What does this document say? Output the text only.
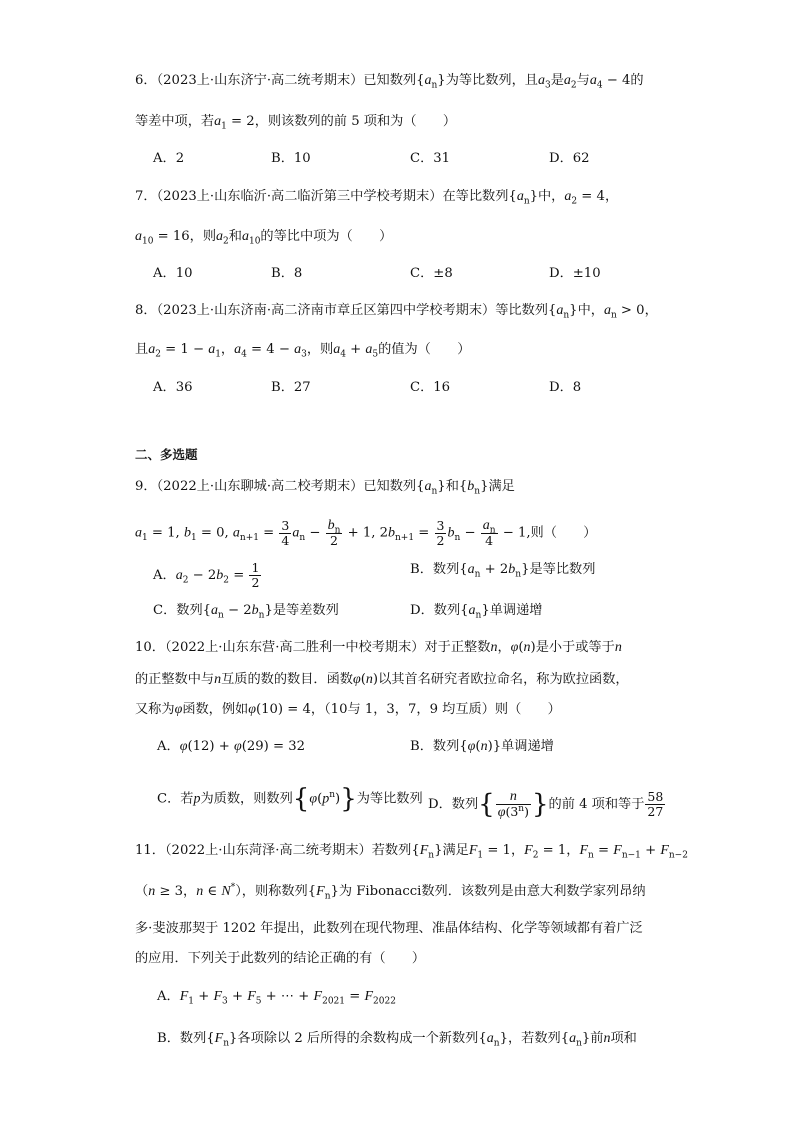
6．（2023上·山东济宁·高二统考期末）已知数列$\{a_n\}$为等比数列，且$a_3$是$a_2$与$a_4 - 4$的
等差中项，若$a_1 = 2$，则该数列的前 5 项和为（　　）
A．2	B．10	C．31	D．62
7．（2023上·山东临沂·高二临沂第三中学校考期末）在等比数列$\{a_n\}$中，$a_2 = 4$，
$a_{10} = 16$，则$a_2$和$a_{10}$的等比中项为（　　）
A．10	B．8	C．±8	D．±10
8．（2023上·山东济南·高二济南市章丘区第四中学校考期末）等比数列$\{a_n\}$中，$a_n > 0$，
且$a_2 = 1 - a_1$，$a_4 = 4 - a_3$，则$a_4 + a_5$的值为（　　）
A．36	B．27	C．16	D．8
二、多选题
9．（2022上·山东聊城·高二校考期末）已知数列$\{a_n\}$和$\{b_n\}$满足
$a_1 = 1$, $b_1 = 0$, $a_{n+1} = \frac{3}{4} a_n - \frac{b_n}{2} + 1$, $2b_{n+1} = \frac{3}{2} b_n - \frac{a_n}{4} - 1$,则（　　）
A．$a_2 - 2b_2 = \frac{1}{2}$	B．数列$\{a_n + 2b_n\}$是等比数列
C．数列$\{a_n - 2b_n\}$是等差数列	D．数列$\{a_n\}$单调递增
10．（2022上·山东东营·高二胜利一中校考期末）对于正整数n，φ(n)是小于或等于n
的正整数中与n互质的数的数目．函数φ(n)以其首名研究者欧拉命名，称为欧拉函数，
又称为φ函数，例如φ(10) = 4，（10与 1，3，7，9 均互质）则（　　）
A．φ(12) + φ(29) = 32	B．数列{φ(n)}单调递增
C．若p为质数，则数列$\{\varphi(p^n)\}$为等比数列 D．数列{ $\frac{n}{\varphi(3^n)}$ }的前 4 项和等于 $\frac{58}{27}$
11．（2022上·山东菏泽·高二统考期末）若数列$\{F_n\}$满足$F_1 = 1$，$F_2 = 1$，$F_n = F_{n-1} + F_{n-2}$
（n ≥ 3，n ∈ N*），则称数列$\{F_n\}$为 Fibonacci数列．该数列是由意大利数学家列昂纳
多·斐波那契于 1202 年提出，此数列在现代物理、准晶体结构、化学等领域都有着广泛
的应用．下列关于此数列的结论正确的有（　　）
A．$F_1 + F_3 + F_5$ + ⋯ + $F_{2021} = F_{2022}$
B．数列$\{F_n\}$各项除以 2 后所得的余数构成一个新数列$\{a_n\}$，若数列$\{a_n\}$前n项和
